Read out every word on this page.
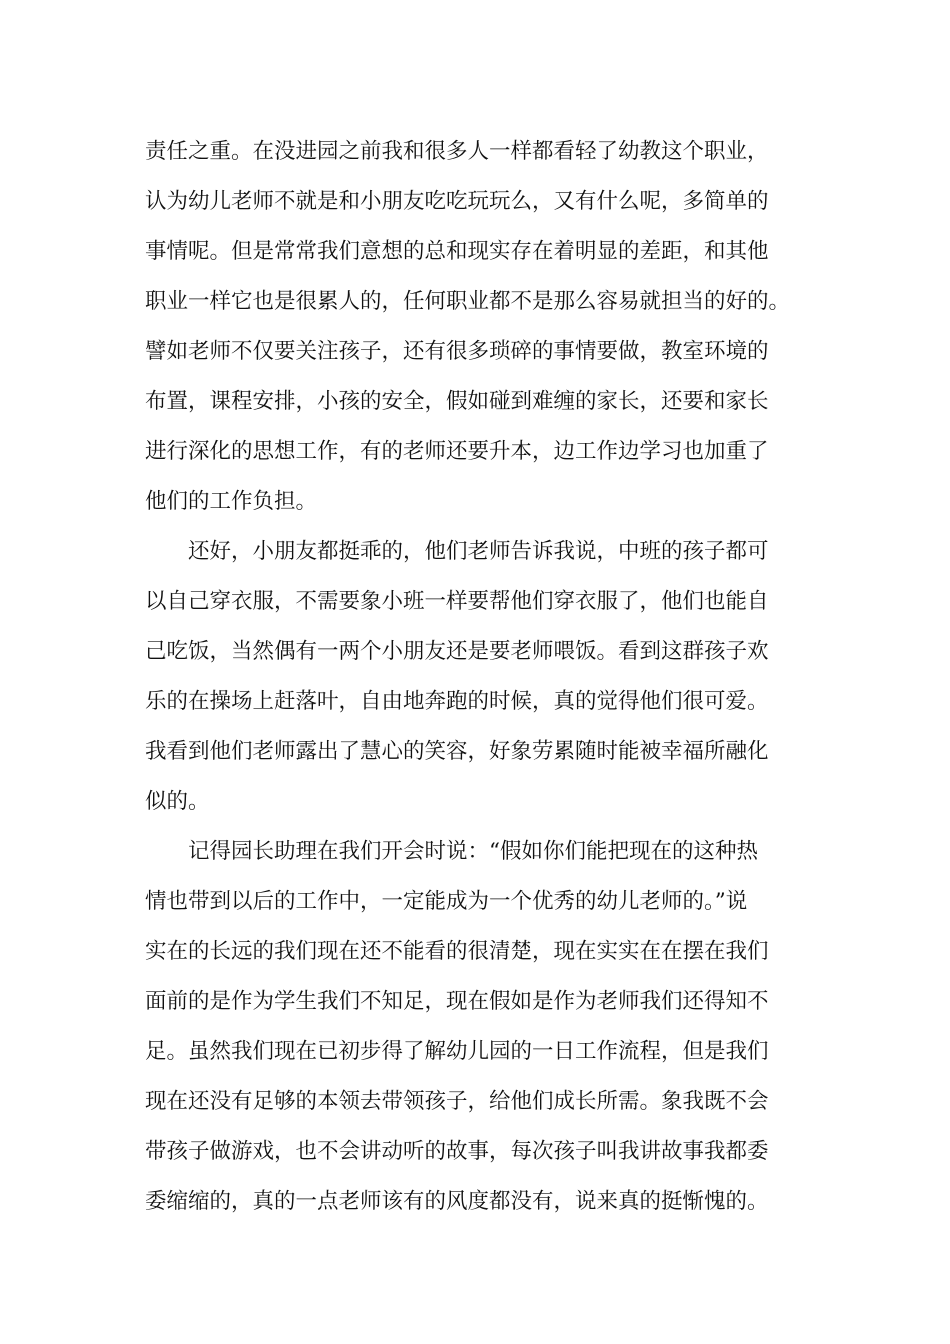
责任之重。在没进园之前我和很多人一样都看轻了幼教这个职业，
认为幼儿老师不就是和小朋友吃吃玩玩么，又有什么呢，多简单的
事情呢。但是常常我们意想的总和现实存在着明显的差距，和其他
职业一样它也是很累人的，任何职业都不是那么容易就担当的好的。
譬如老师不仅要关注孩子，还有很多琐碎的事情要做，教室环境的
布置，课程安排，小孩的安全，假如碰到难缠的家长，还要和家长
进行深化的思想工作，有的老师还要升本，边工作边学习也加重了
他们的工作负担。
还好，小朋友都挺乖的，他们老师告诉我说，中班的孩子都可
以自己穿衣服，不需要象小班一样要帮他们穿衣服了，他们也能自
己吃饭，当然偶有一两个小朋友还是要老师喂饭。看到这群孩子欢
乐的在操场上赶落叶，自由地奔跑的时候，真的觉得他们很可爱。
我看到他们老师露出了慧心的笑容，好象劳累随时能被幸福所融化
似的。
记得园长助理在我们开会时说：“假如你们能把现在的这种热
情也带到以后的工作中，一定能成为一个优秀的幼儿老师的。”说
实在的长远的我们现在还不能看的很清楚，现在实实在在摆在我们
面前的是作为学生我们不知足，现在假如是作为老师我们还得知不
足。虽然我们现在已初步得了解幼儿园的一日工作流程，但是我们
现在还没有足够的本领去带领孩子，给他们成长所需。象我既不会
带孩子做游戏，也不会讲动听的故事，每次孩子叫我讲故事我都委
委缩缩的，真的一点老师该有的风度都没有，说来真的挺惭愧的。
